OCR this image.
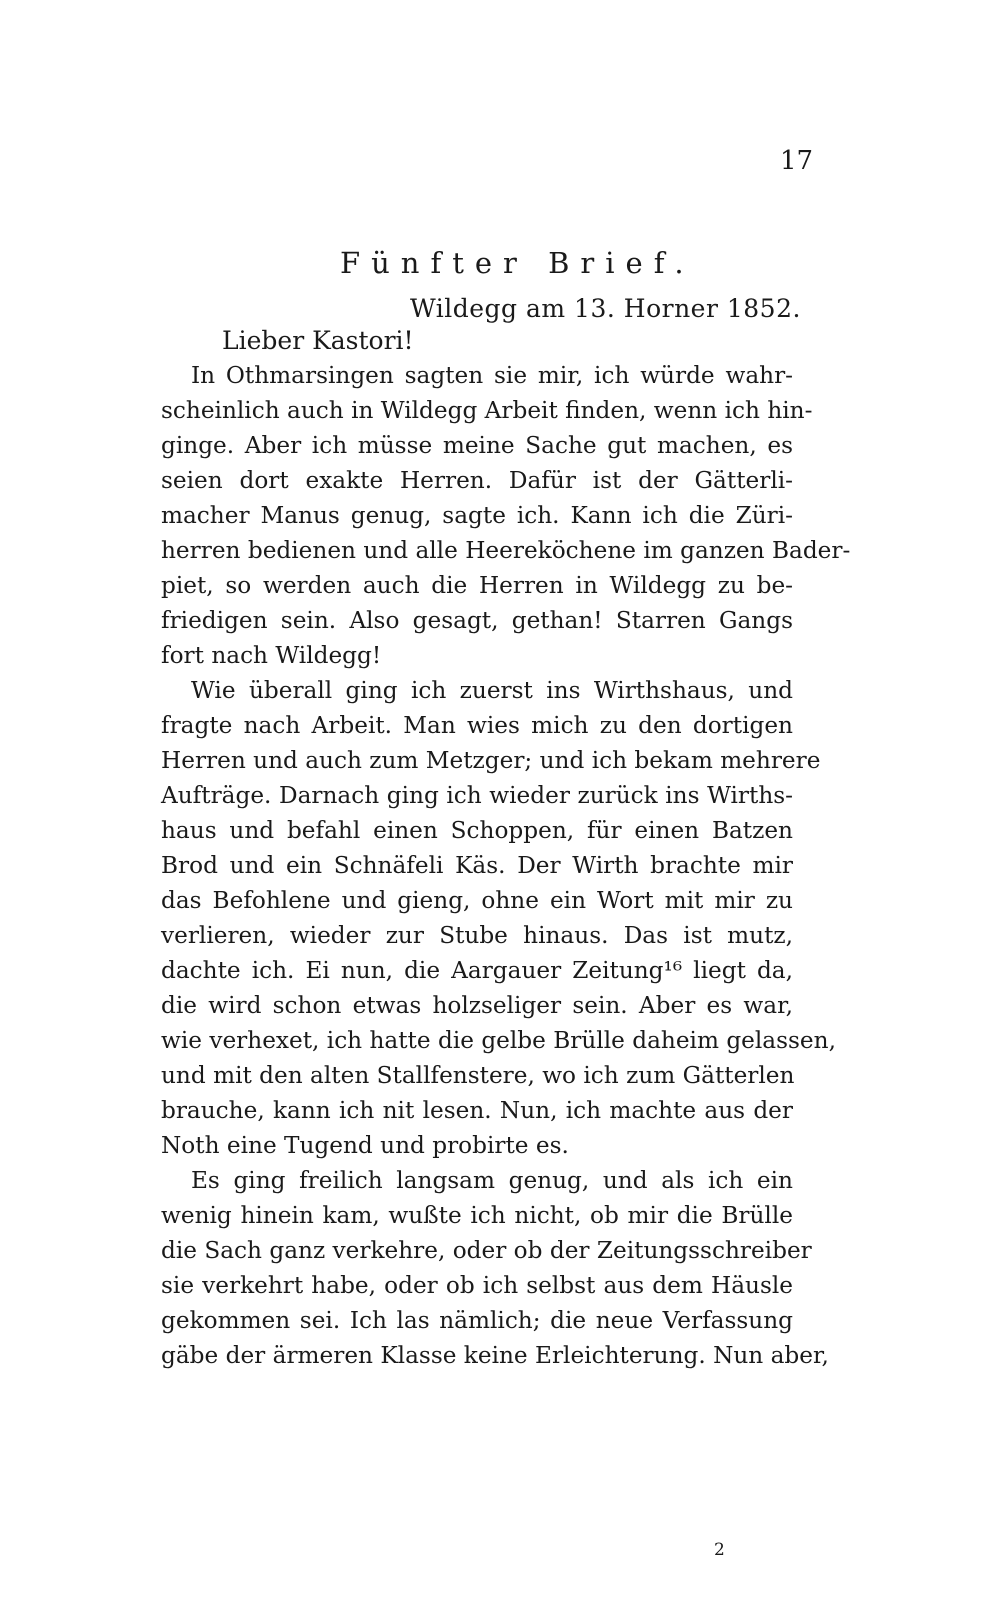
17
Fünfter Brief.
Wildegg am 13. Horner 1852.
Lieber Kastori!
In Othmarsingen sagten sie mir, ich würde wahr-
scheinlich auch in Wildegg Arbeit finden, wenn ich hin-
ginge. Aber ich müsse meine Sache gut machen, es
seien dort exakte Herren. Dafür ist der Gätterli-
macher Manus genug, sagte ich. Kann ich die Züri-
herren bedienen und alle Heereköchene im ganzen Bader-
piet, so werden auch die Herren in Wildegg zu be-
friedigen sein. Also gesagt, gethan! Starren Gangs
fort nach Wildegg!
Wie überall ging ich zuerst ins Wirthshaus, und
fragte nach Arbeit. Man wies mich zu den dortigen
Herren und auch zum Metzger; und ich bekam mehrere
Aufträge. Darnach ging ich wieder zurück ins Wirths-
haus und befahl einen Schoppen, für einen Batzen
Brod und ein Schnäfeli Käs. Der Wirth brachte mir
das Befohlene und gieng, ohne ein Wort mit mir zu
verlieren, wieder zur Stube hinaus. Das ist mutz,
dachte ich. Ei nun, die Aargauer Zeitung¹⁶ liegt da,
die wird schon etwas holzseliger sein. Aber es war,
wie verhexet, ich hatte die gelbe Brülle daheim gelassen,
und mit den alten Stallfenstere, wo ich zum Gätterlen
brauche, kann ich nit lesen. Nun, ich machte aus der
Noth eine Tugend und probirte es.
Es ging freilich langsam genug, und als ich ein
wenig hinein kam, wußte ich nicht, ob mir die Brülle
die Sach ganz verkehre, oder ob der Zeitungsschreiber
sie verkehrt habe, oder ob ich selbst aus dem Häusle
gekommen sei. Ich las nämlich; die neue Verfassung
gäbe der ärmeren Klasse keine Erleichterung. Nun aber,
2
